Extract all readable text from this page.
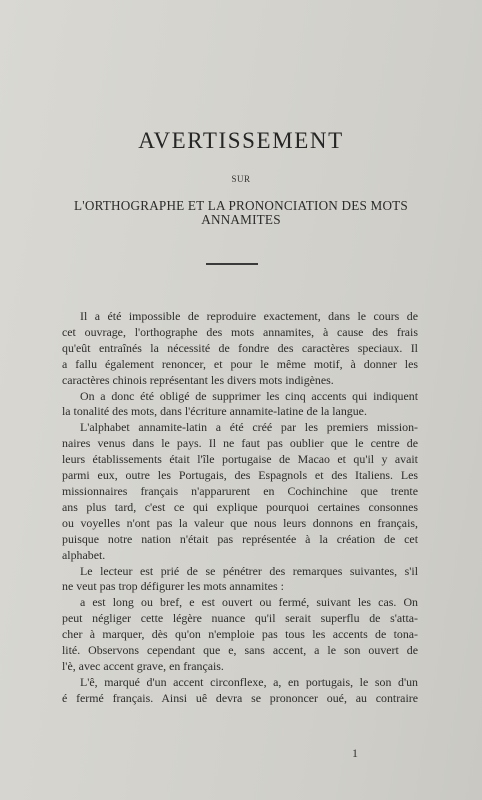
AVERTISSEMENT
SUR
L'ORTHOGRAPHE ET LA PRONONCIATION DES MOTS
ANNAMITES
Il a été impossible de reproduire exactement, dans le cours de
cet ouvrage, l'orthographe des mots annamites, à cause des frais
qu'eût entraînés la nécessité de fondre des caractères speciaux. Il
a fallu également renoncer, et pour le même motif, à donner les
caractères chinois représentant les divers mots indigènes.
On a donc été obligé de supprimer les cinq accents qui indiquent
la tonalité des mots, dans l'écriture annamite-latine de la langue.
L'alphabet annamite-latin a été créé par les premiers mission-
naires venus dans le pays. Il ne faut pas oublier que le centre de
leurs établissements était l'île portugaise de Macao et qu'il y avait
parmi eux, outre les Portugais, des Espagnols et des Italiens. Les
missionnaires français n'apparurent en Cochinchine que trente
ans plus tard, c'est ce qui explique pourquoi certaines consonnes
ou voyelles n'ont pas la valeur que nous leurs donnons en français,
puisque notre nation n'était pas représentée à la création de cet
alphabet.
Le lecteur est prié de se pénétrer des remarques suivantes, s'il
ne veut pas trop défigurer les mots annamites :
a est long ou bref, e est ouvert ou fermé, suivant les cas. On
peut négliger cette légère nuance qu'il serait superflu de s'atta-
cher à marquer, dès qu'on n'emploie pas tous les accents de tona-
lité. Observons cependant que e, sans accent, a le son ouvert de
l'è, avec accent grave, en français.
L'ê, marqué d'un accent circonflexe, a, en portugais, le son d'un
é fermé français. Ainsi uê devra se prononcer oué, au contraire
1
